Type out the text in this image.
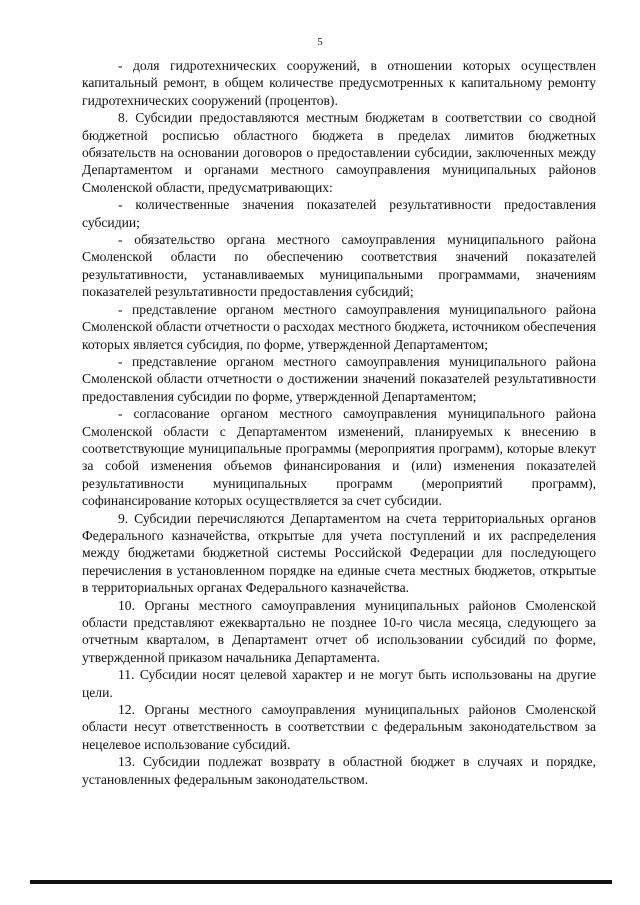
5

- доля гидротехнических сооружений, в отношении которых осуществлен капитальный ремонт, в общем количестве предусмотренных к капитальному ремонту гидротехнических сооружений (процентов).

8. Субсидии предоставляются местным бюджетам в соответствии со сводной бюджетной росписью областного бюджета в пределах лимитов бюджетных обязательств на основании договоров о предоставлении субсидии, заключенных между Департаментом и органами местного самоуправления муниципальных районов Смоленской области, предусматривающих:

- количественные значения показателей результативности предоставления субсидии;

- обязательство органа местного самоуправления муниципального района Смоленской области по обеспечению соответствия значений показателей результативности, устанавливаемых муниципальными программами, значениям показателей результативности предоставления субсидий;

- представление органом местного самоуправления муниципального района Смоленской области отчетности о расходах местного бюджета, источником обеспечения которых является субсидия, по форме, утвержденной Департаментом;

- представление органом местного самоуправления муниципального района Смоленской области отчетности о достижении значений показателей результативности предоставления субсидии по форме, утвержденной Департаментом;

- согласование органом местного самоуправления муниципального района Смоленской области с Департаментом изменений, планируемых к внесению в соответствующие муниципальные программы (мероприятия программ), которые влекут за собой изменения объемов финансирования и (или) изменения показателей результативности муниципальных программ (мероприятий программ), софинансирование которых осуществляется за счет субсидии.

9. Субсидии перечисляются Департаментом на счета территориальных органов Федерального казначейства, открытые для учета поступлений и их распределения между бюджетами бюджетной системы Российской Федерации для последующего перечисления в установленном порядке на единые счета местных бюджетов, открытые в территориальных органах Федерального казначейства.

10. Органы местного самоуправления муниципальных районов Смоленской области представляют ежеквартально не позднее 10-го числа месяца, следующего за отчетным кварталом, в Департамент отчет об использовании субсидий по форме, утвержденной приказом начальника Департамента.

11. Субсидии носят целевой характер и не могут быть использованы на другие цели.

12. Органы местного самоуправления муниципальных районов Смоленской области несут ответственность в соответствии с федеральным законодательством за нецелевое использование субсидий.

13. Субсидии подлежат возврату в областной бюджет в случаях и порядке, установленных федеральным законодательством.
